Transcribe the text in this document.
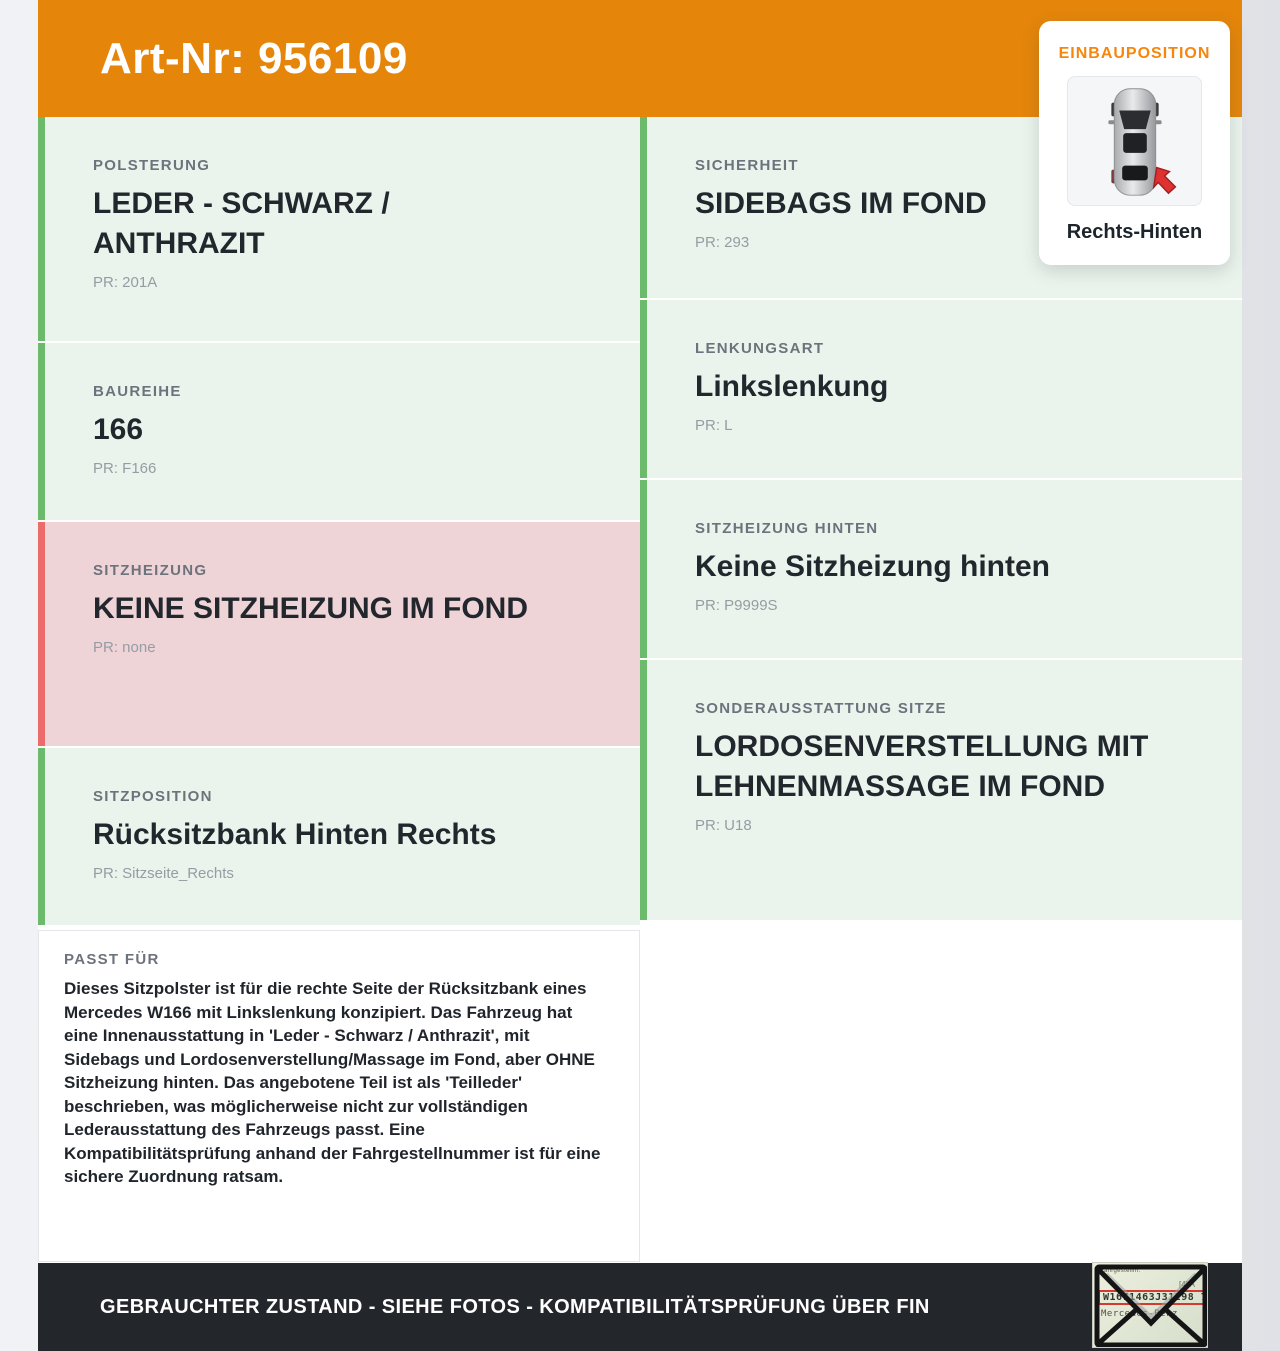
Art-Nr: 956109	EINBAUPOSITION
Rechts-Hinten
POLSTERUNG
LEDER - SCHWARZ / ANTHRAZIT
PR: 201A
BAUREIHE
166
PR: F166
SITZHEIZUNG
KEINE SITZHEIZUNG IM FOND
PR: none
SITZPOSITION
Rücksitzbank Hinten Rechts
PR: Sitzseite_Rechts
PASST FÜR
Dieses Sitzpolster ist für die rechte Seite der Rücksitzbank eines Mercedes W166 mit Linkslenkung konzipiert. Das Fahrzeug hat eine Innenausstattung in 'Leder - Schwarz / Anthrazit', mit Sidebags und Lordosenverstellung/Massage im Fond, aber OHNE Sitzheizung hinten. Das angebotene Teil ist als 'Teilleder' beschrieben, was möglicherweise nicht zur vollständigen Lederausstattung des Fahrzeugs passt. Eine Kompatibilitätsprüfung anhand der Fahrgestellnummer ist für eine sichere Zuordnung ratsam.
SICHERHEIT
SIDEBAGS IM FOND
PR: 293
LENKUNGSART
Linkslenkung
PR: L
SITZHEIZUNG HINTEN
Keine Sitzheizung hinten
PR: P9999S
SONDERAUSSTATTUNG SITZE
LORDOSENVERSTELLUNG MIT LEHNENMASSAGE IM FOND
PR: U18
GEBRAUCHTER ZUSTAND - SIEHE FOTOS - KOMPATIBILITÄTSPRÜFUNG ÜBER FIN
Fahrgestellnr.
[4] A
W1671463J31298 7
Mercedes-Benz
